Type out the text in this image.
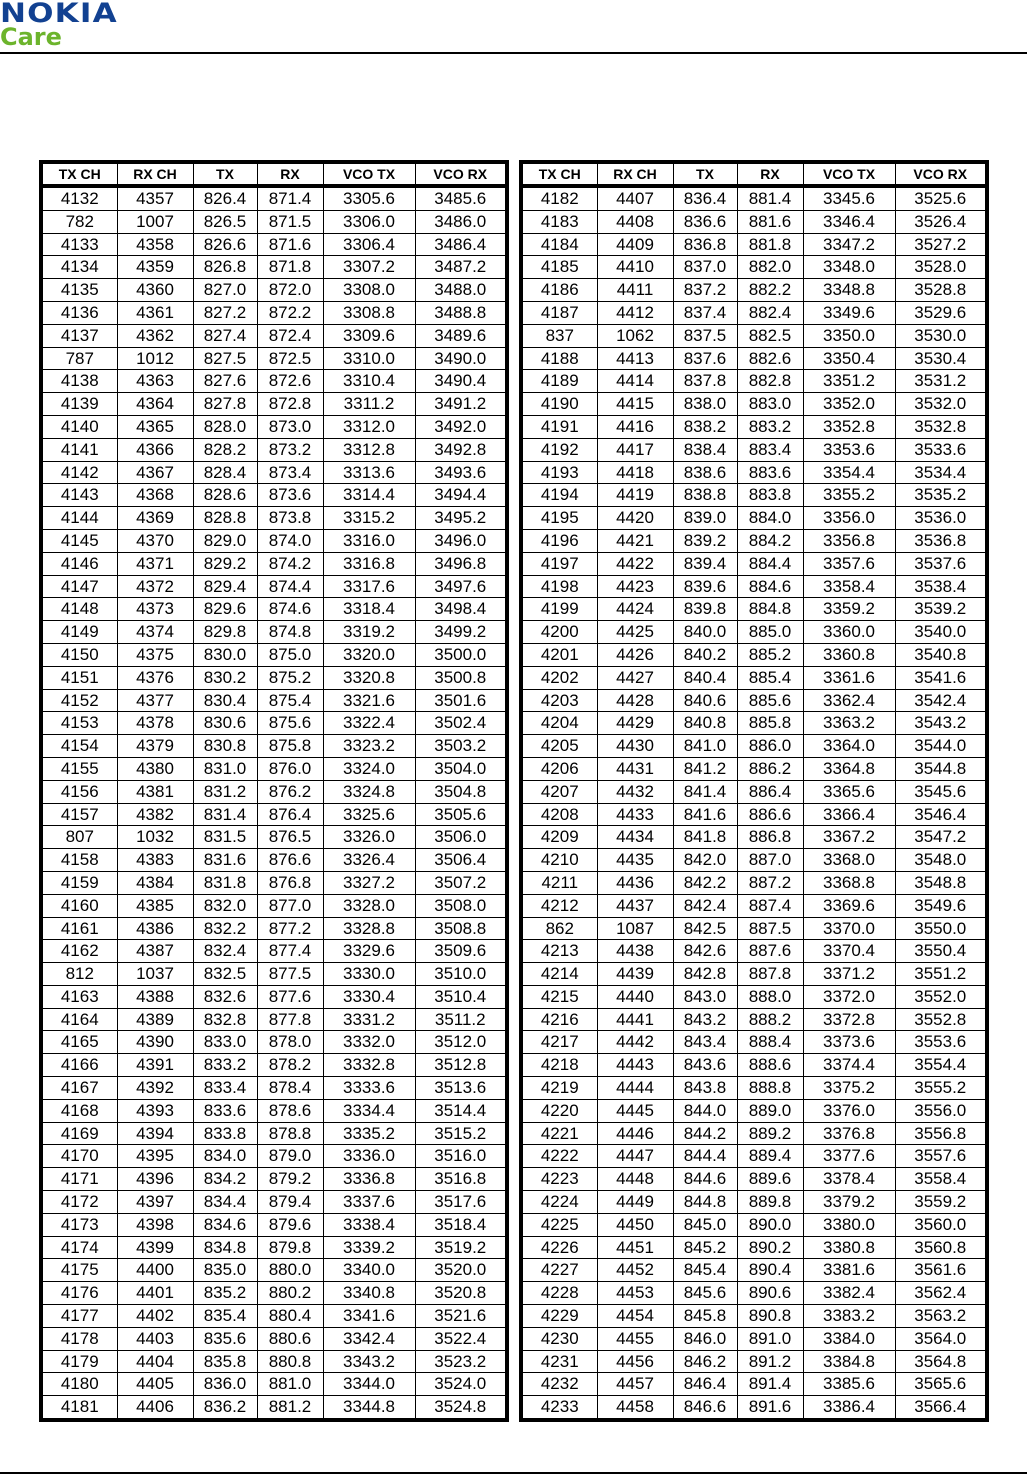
NOKIA
Care
TX CH	RX CH	TX	RX	VCO TX	VCO RX
4132	4357	826.4	871.4	3305.6	3485.6
782	1007	826.5	871.5	3306.0	3486.0
4133	4358	826.6	871.6	3306.4	3486.4
4134	4359	826.8	871.8	3307.2	3487.2
4135	4360	827.0	872.0	3308.0	3488.0
4136	4361	827.2	872.2	3308.8	3488.8
4137	4362	827.4	872.4	3309.6	3489.6
787	1012	827.5	872.5	3310.0	3490.0
4138	4363	827.6	872.6	3310.4	3490.4
4139	4364	827.8	872.8	3311.2	3491.2
4140	4365	828.0	873.0	3312.0	3492.0
4141	4366	828.2	873.2	3312.8	3492.8
4142	4367	828.4	873.4	3313.6	3493.6
4143	4368	828.6	873.6	3314.4	3494.4
4144	4369	828.8	873.8	3315.2	3495.2
4145	4370	829.0	874.0	3316.0	3496.0
4146	4371	829.2	874.2	3316.8	3496.8
4147	4372	829.4	874.4	3317.6	3497.6
4148	4373	829.6	874.6	3318.4	3498.4
4149	4374	829.8	874.8	3319.2	3499.2
4150	4375	830.0	875.0	3320.0	3500.0
4151	4376	830.2	875.2	3320.8	3500.8
4152	4377	830.4	875.4	3321.6	3501.6
4153	4378	830.6	875.6	3322.4	3502.4
4154	4379	830.8	875.8	3323.2	3503.2
4155	4380	831.0	876.0	3324.0	3504.0
4156	4381	831.2	876.2	3324.8	3504.8
4157	4382	831.4	876.4	3325.6	3505.6
807	1032	831.5	876.5	3326.0	3506.0
4158	4383	831.6	876.6	3326.4	3506.4
4159	4384	831.8	876.8	3327.2	3507.2
4160	4385	832.0	877.0	3328.0	3508.0
4161	4386	832.2	877.2	3328.8	3508.8
4162	4387	832.4	877.4	3329.6	3509.6
812	1037	832.5	877.5	3330.0	3510.0
4163	4388	832.6	877.6	3330.4	3510.4
4164	4389	832.8	877.8	3331.2	3511.2
4165	4390	833.0	878.0	3332.0	3512.0
4166	4391	833.2	878.2	3332.8	3512.8
4167	4392	833.4	878.4	3333.6	3513.6
4168	4393	833.6	878.6	3334.4	3514.4
4169	4394	833.8	878.8	3335.2	3515.2
4170	4395	834.0	879.0	3336.0	3516.0
4171	4396	834.2	879.2	3336.8	3516.8
4172	4397	834.4	879.4	3337.6	3517.6
4173	4398	834.6	879.6	3338.4	3518.4
4174	4399	834.8	879.8	3339.2	3519.2
4175	4400	835.0	880.0	3340.0	3520.0
4176	4401	835.2	880.2	3340.8	3520.8
4177	4402	835.4	880.4	3341.6	3521.6
4178	4403	835.6	880.6	3342.4	3522.4
4179	4404	835.8	880.8	3343.2	3523.2
4180	4405	836.0	881.0	3344.0	3524.0
4181	4406	836.2	881.2	3344.8	3524.8
TX CH	RX CH	TX	RX	VCO TX	VCO RX
4182	4407	836.4	881.4	3345.6	3525.6
4183	4408	836.6	881.6	3346.4	3526.4
4184	4409	836.8	881.8	3347.2	3527.2
4185	4410	837.0	882.0	3348.0	3528.0
4186	4411	837.2	882.2	3348.8	3528.8
4187	4412	837.4	882.4	3349.6	3529.6
837	1062	837.5	882.5	3350.0	3530.0
4188	4413	837.6	882.6	3350.4	3530.4
4189	4414	837.8	882.8	3351.2	3531.2
4190	4415	838.0	883.0	3352.0	3532.0
4191	4416	838.2	883.2	3352.8	3532.8
4192	4417	838.4	883.4	3353.6	3533.6
4193	4418	838.6	883.6	3354.4	3534.4
4194	4419	838.8	883.8	3355.2	3535.2
4195	4420	839.0	884.0	3356.0	3536.0
4196	4421	839.2	884.2	3356.8	3536.8
4197	4422	839.4	884.4	3357.6	3537.6
4198	4423	839.6	884.6	3358.4	3538.4
4199	4424	839.8	884.8	3359.2	3539.2
4200	4425	840.0	885.0	3360.0	3540.0
4201	4426	840.2	885.2	3360.8	3540.8
4202	4427	840.4	885.4	3361.6	3541.6
4203	4428	840.6	885.6	3362.4	3542.4
4204	4429	840.8	885.8	3363.2	3543.2
4205	4430	841.0	886.0	3364.0	3544.0
4206	4431	841.2	886.2	3364.8	3544.8
4207	4432	841.4	886.4	3365.6	3545.6
4208	4433	841.6	886.6	3366.4	3546.4
4209	4434	841.8	886.8	3367.2	3547.2
4210	4435	842.0	887.0	3368.0	3548.0
4211	4436	842.2	887.2	3368.8	3548.8
4212	4437	842.4	887.4	3369.6	3549.6
862	1087	842.5	887.5	3370.0	3550.0
4213	4438	842.6	887.6	3370.4	3550.4
4214	4439	842.8	887.8	3371.2	3551.2
4215	4440	843.0	888.0	3372.0	3552.0
4216	4441	843.2	888.2	3372.8	3552.8
4217	4442	843.4	888.4	3373.6	3553.6
4218	4443	843.6	888.6	3374.4	3554.4
4219	4444	843.8	888.8	3375.2	3555.2
4220	4445	844.0	889.0	3376.0	3556.0
4221	4446	844.2	889.2	3376.8	3556.8
4222	4447	844.4	889.4	3377.6	3557.6
4223	4448	844.6	889.6	3378.4	3558.4
4224	4449	844.8	889.8	3379.2	3559.2
4225	4450	845.0	890.0	3380.0	3560.0
4226	4451	845.2	890.2	3380.8	3560.8
4227	4452	845.4	890.4	3381.6	3561.6
4228	4453	845.6	890.6	3382.4	3562.4
4229	4454	845.8	890.8	3383.2	3563.2
4230	4455	846.0	891.0	3384.0	3564.0
4231	4456	846.2	891.2	3384.8	3564.8
4232	4457	846.4	891.4	3385.6	3565.6
4233	4458	846.6	891.6	3386.4	3566.4
